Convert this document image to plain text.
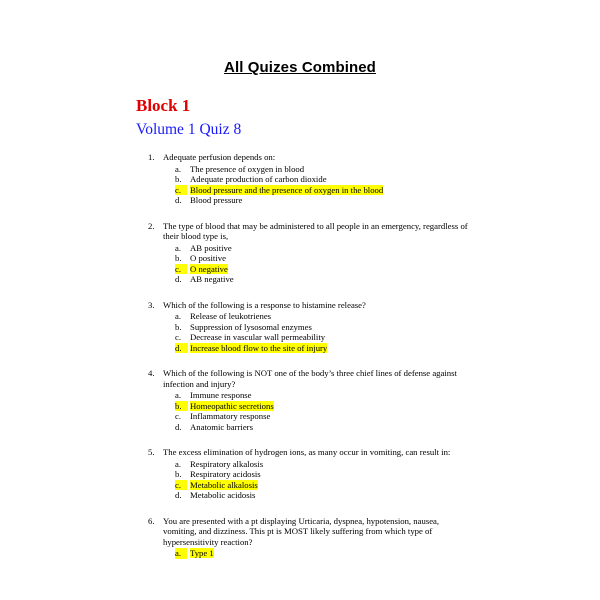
All Quizes Combined
Block 1
Volume 1 Quiz 8
1. Adequate perfusion depends on:
a. The presence of oxygen in blood
b. Adequate production of carbon dioxide
c.	Blood pressure and the presence of oxygen in the blood
d. Blood pressure
2. The type of blood that may be administered to all people in an emergency, regardless of their blood type is,
a. AB positive
b. O positive
c.	O negative
d. AB negative
3. Which of the following is a response to histamine release?
a. Release of leukotrienes
b. Suppression of lysosomal enzymes
c. Decrease in vascular wall permeability
d. Increase blood flow to the site of injury
4. Which of the following is NOT one of the body’s three chief lines of defense against infection and injury?
a. Immune response
b. Homeopathic secretions
c. Inflammatory response
d. Anatomic barriers
5. The excess elimination of hydrogen ions, as many occur in vomiting, can result in:
a. Respiratory alkalosis
b. Respiratory acidosis
c.	Metabolic alkalosis
d. Metabolic acidosis
6. You are presented with a pt displaying Urticaria, dyspnea, hypotension, nausea, vomiting, and dizziness. This pt is MOST likely suffering from which type of hypersensitivity reaction?
a.	Type 1
